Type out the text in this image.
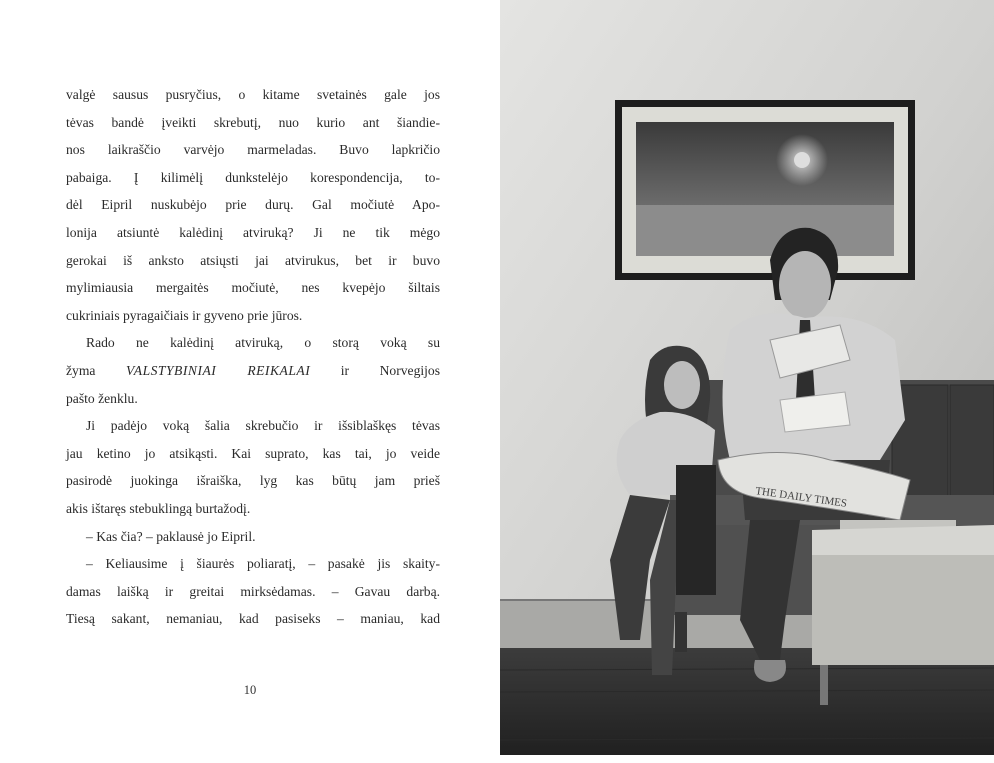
valgė sausus pusryčius, o kitame svetainės gale jos
tėvas bandė įveikti skrebutį, nuo kurio ant šiandie-
nos laikraščio varvėjo marmeladas. Buvo lapkričio
pabaiga. Į kilimėlį dunkstelėjo korespondencija, to-
dėl Eipril nuskubėjo prie durų. Gal močiutė Apo-
lonija atsiuntė kalėdinį atviruką? Ji ne tik mėgo
gerokai iš anksto atsiųsti jai atvirukus, bet ir buvo
mylimiausia mergaitės močiutė, nes kvepėjo šiltais
cukriniais pyragaičiais ir gyveno prie jūros.

Rado ne kalėdinį atviruką, o storą voką su
žyma VALSTYBINIAI REIKALAI ir Norvegijos
pašto ženklu.

Ji padėjo voką šalia skrebučio ir išsiblaškęs tėvas
jau ketino jo atsikąsti. Kai suprato, kas tai, jo veide
pasirodė juokinga išraiška, lyg kas būtų jam prieš
akis ištaręs stebuklingą burtažodį.

– Kas čia? – paklausė jo Eipril.

– Keliausime į šiaurės poliaratį, – pasakė jis skaity-
damas laišką ir greitai mirksėdamas. – Gavau darbą.
Tiesą sakant, nemaniau, kad pasiseks – maniau, kad

10
THE DAILY TIMES
